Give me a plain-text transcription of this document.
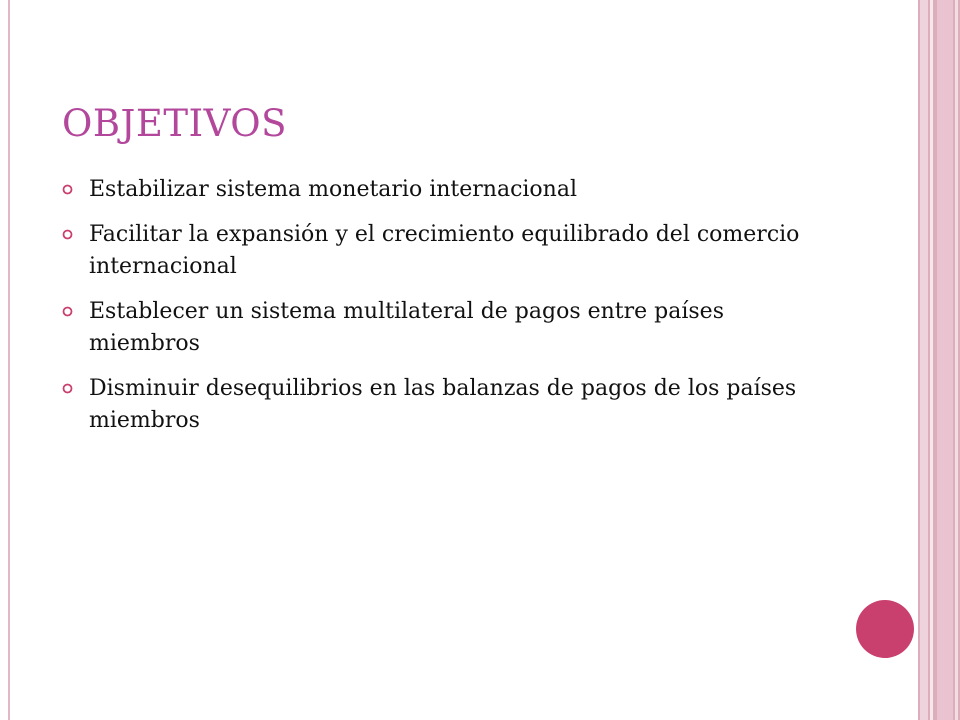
OBJETIVOS
Estabilizar sistema monetario internacional
Facilitar la expansión y el crecimiento equilibrado del comercio internacional
Establecer un sistema multilateral de pagos entre países miembros
Disminuir desequilibrios en las balanzas de pagos de los países miembros
